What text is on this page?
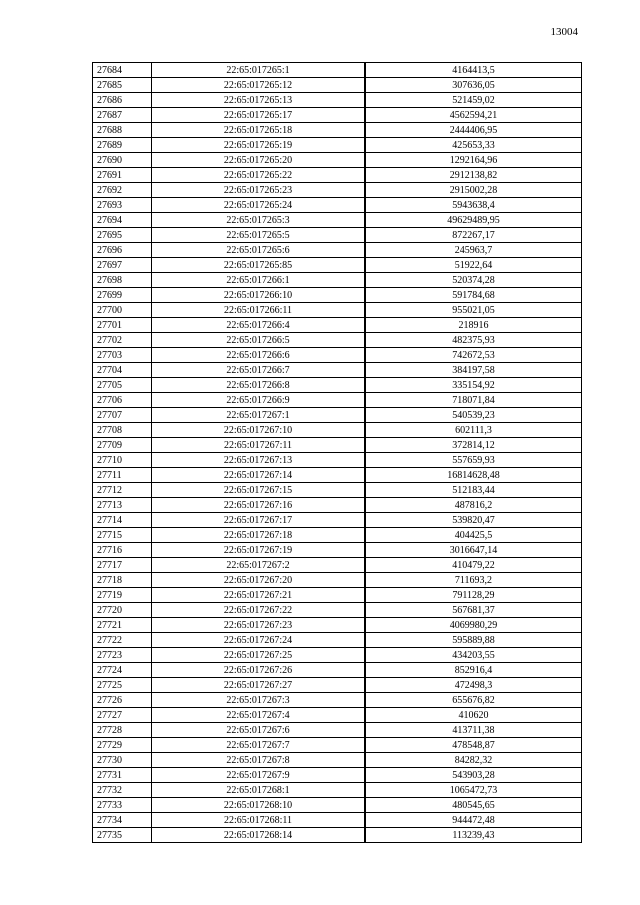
13004
27684	22:65:017265:1	4164413,5
27685	22:65:017265:12	307636,05
27686	22:65:017265:13	521459,02
27687	22:65:017265:17	4562594,21
27688	22:65:017265:18	2444406,95
27689	22:65:017265:19	425653,33
27690	22:65:017265:20	1292164,96
27691	22:65:017265:22	2912138,82
27692	22:65:017265:23	2915002,28
27693	22:65:017265:24	5943638,4
27694	22:65:017265:3	49629489,95
27695	22:65:017265:5	872267,17
27696	22:65:017265:6	245963,7
27697	22:65:017265:85	51922,64
27698	22:65:017266:1	520374,28
27699	22:65:017266:10	591784,68
27700	22:65:017266:11	955021,05
27701	22:65:017266:4	218916
27702	22:65:017266:5	482375,93
27703	22:65:017266:6	742672,53
27704	22:65:017266:7	384197,58
27705	22:65:017266:8	335154,92
27706	22:65:017266:9	718071,84
27707	22:65:017267:1	540539,23
27708	22:65:017267:10	602111,3
27709	22:65:017267:11	372814,12
27710	22:65:017267:13	557659,93
27711	22:65:017267:14	16814628,48
27712	22:65:017267:15	512183,44
27713	22:65:017267:16	487816,2
27714	22:65:017267:17	539820,47
27715	22:65:017267:18	404425,5
27716	22:65:017267:19	3016647,14
27717	22:65:017267:2	410479,22
27718	22:65:017267:20	711693,2
27719	22:65:017267:21	791128,29
27720	22:65:017267:22	567681,37
27721	22:65:017267:23	4069980,29
27722	22:65:017267:24	595889,88
27723	22:65:017267:25	434203,55
27724	22:65:017267:26	852916,4
27725	22:65:017267:27	472498,3
27726	22:65:017267:3	655676,82
27727	22:65:017267:4	410620
27728	22:65:017267:6	413711,38
27729	22:65:017267:7	478548,87
27730	22:65:017267:8	84282,32
27731	22:65:017267:9	543903,28
27732	22:65:017268:1	1065472,73
27733	22:65:017268:10	480545,65
27734	22:65:017268:11	944472,48
27735	22:65:017268:14	113239,43
